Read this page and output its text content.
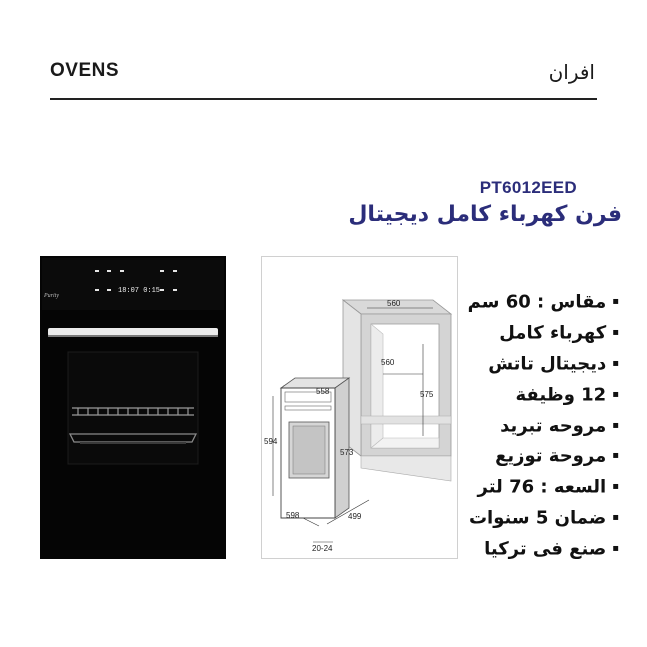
OVENS	افران
PT6012EED
فرن كهرباء كامل ديجيتال
18:07 0:15
Purity
560
560
575
558
573
594
598	499
20-24
▪مقاس : 60 سم
▪كهرباء كامل
▪ديجيتال تاتش
▪12 وظيفة
▪مروحه تبريد
▪مروحة توزيع
▪السعه : 76 لتر
▪ضمان 5 سنوات
▪صنع فى تركيا
